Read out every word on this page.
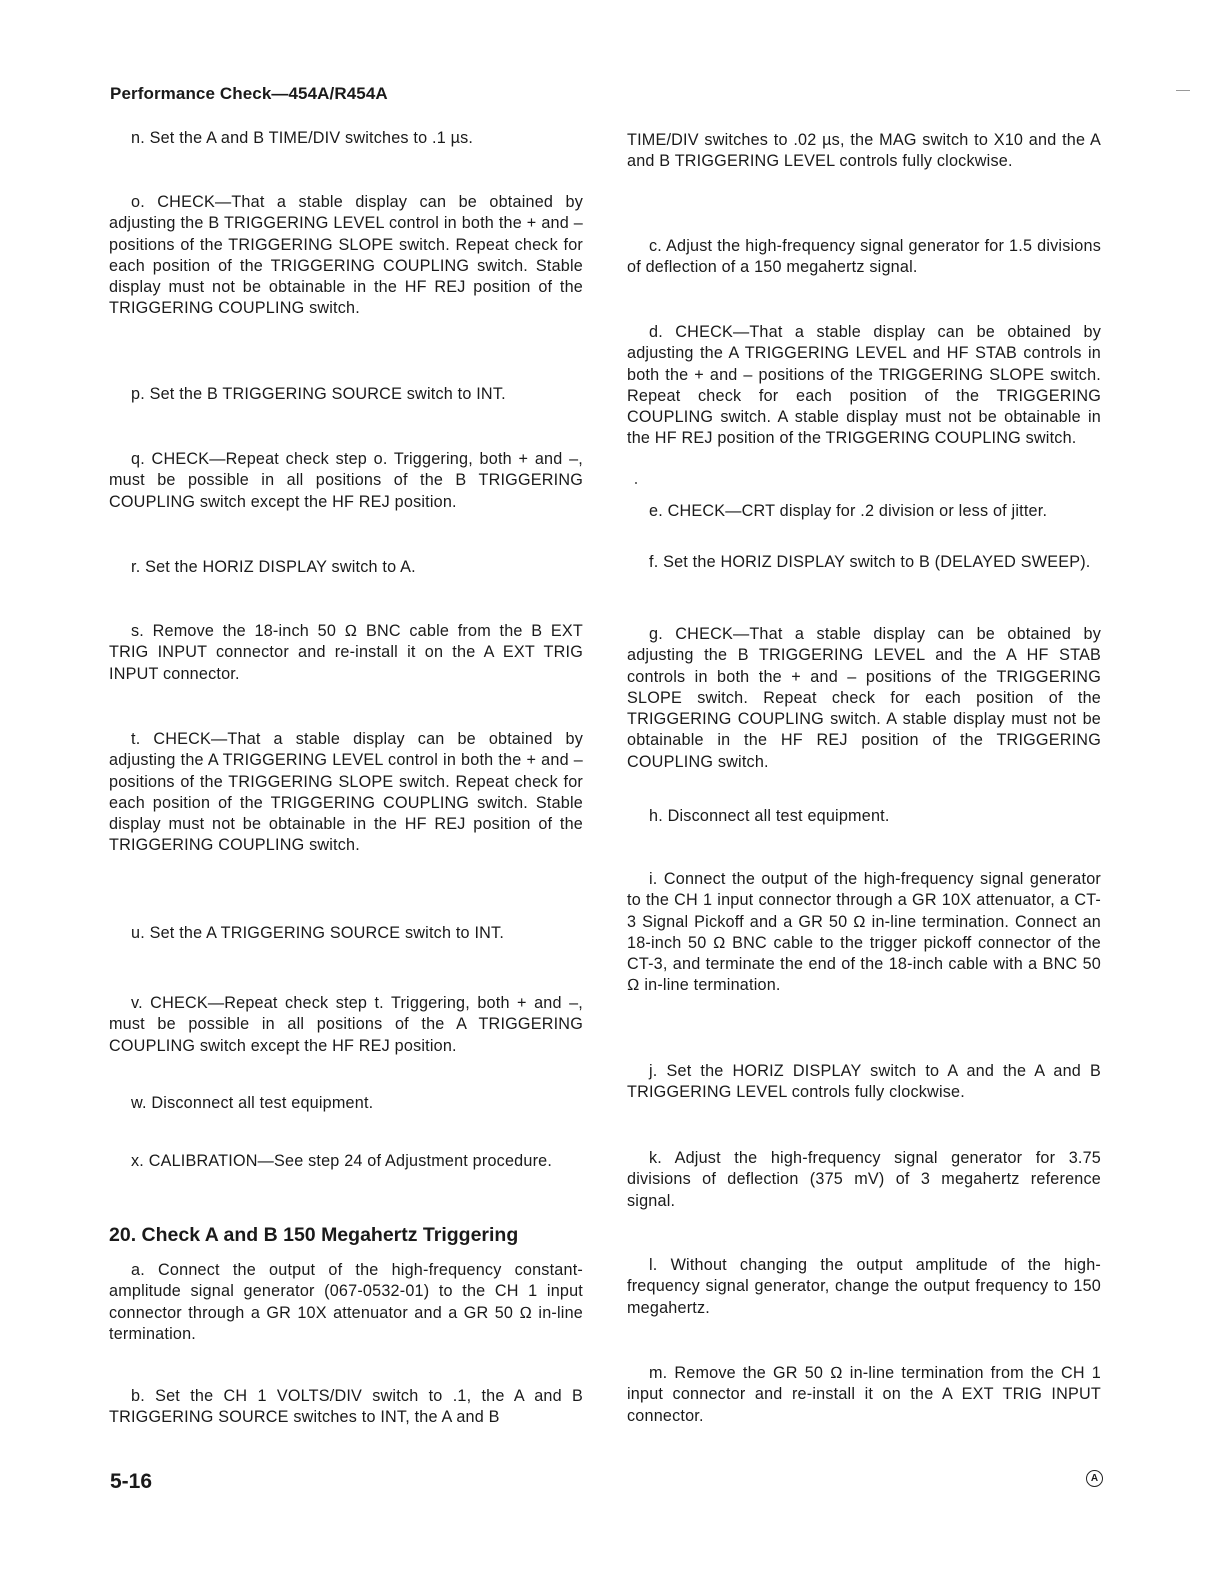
Performance Check—454A/R454A
n. Set the A and B TIME/DIV switches to .1 µs.
o. CHECK—That a stable display can be obtained by adjusting the B TRIGGERING LEVEL control in both the + and – positions of the TRIGGERING SLOPE switch. Repeat check for each position of the TRIGGERING COUPLING switch. Stable display must not be obtainable in the HF REJ position of the TRIGGERING COUPLING switch.
p. Set the B TRIGGERING SOURCE switch to INT.
q. CHECK—Repeat check step o. Triggering, both + and –, must be possible in all positions of the B TRIGGERING COUPLING switch except the HF REJ position.
r. Set the HORIZ DISPLAY switch to A.
s. Remove the 18-inch 50 Ω BNC cable from the B EXT TRIG INPUT connector and re-install it on the A EXT TRIG INPUT connector.
t. CHECK—That a stable display can be obtained by adjusting the A TRIGGERING LEVEL control in both the + and – positions of the TRIGGERING SLOPE switch. Repeat check for each position of the TRIGGERING COUPLING switch. Stable display must not be obtainable in the HF REJ position of the TRIGGERING COUPLING switch.
u. Set the A TRIGGERING SOURCE switch to INT.
v. CHECK—Repeat check step t. Triggering, both + and –, must be possible in all positions of the A TRIGGERING COUPLING switch except the HF REJ position.
w. Disconnect all test equipment.
x. CALIBRATION—See step 24 of Adjustment procedure.
20. Check A and B 150 Megahertz Triggering
a. Connect the output of the high-frequency constant-amplitude signal generator (067-0532-01) to the CH 1 input connector through a GR 10X attenuator and a GR 50 Ω in-line termination.
b. Set the CH 1 VOLTS/DIV switch to .1, the A and B TRIGGERING SOURCE switches to INT, the A and B
TIME/DIV switches to .02 µs, the MAG switch to X10 and the A and B TRIGGERING LEVEL controls fully clockwise.
c. Adjust the high-frequency signal generator for 1.5 divisions of deflection of a 150 megahertz signal.
d. CHECK—That a stable display can be obtained by adjusting the A TRIGGERING LEVEL and HF STAB controls in both the + and – positions of the TRIGGERING SLOPE switch. Repeat check for each position of the TRIGGERING COUPLING switch. A stable display must not be obtainable in the HF REJ position of the TRIGGERING COUPLING switch.
e. CHECK—CRT display for .2 division or less of jitter.
f. Set the HORIZ DISPLAY switch to B (DELAYED SWEEP).
g. CHECK—That a stable display can be obtained by adjusting the B TRIGGERING LEVEL and the A HF STAB controls in both the + and – positions of the TRIGGERING SLOPE switch. Repeat check for each position of the TRIGGERING COUPLING switch. A stable display must not be obtainable in the HF REJ position of the TRIGGERING COUPLING switch.
h. Disconnect all test equipment.
i. Connect the output of the high-frequency signal generator to the CH 1 input connector through a GR 10X attenuator, a CT-3 Signal Pickoff and a GR 50 Ω in-line termination. Connect an 18-inch 50 Ω BNC cable to the trigger pickoff connector of the CT-3, and terminate the end of the 18-inch cable with a BNC 50 Ω in-line termination.
j. Set the HORIZ DISPLAY switch to A and the A and B TRIGGERING LEVEL controls fully clockwise.
k. Adjust the high-frequency signal generator for 3.75 divisions of deflection (375 mV) of 3 megahertz reference signal.
l. Without changing the output amplitude of the high-frequency signal generator, change the output frequency to 150 megahertz.
m. Remove the GR 50 Ω in-line termination from the CH 1 input connector and re-install it on the A EXT TRIG INPUT connector.
5-16	A
